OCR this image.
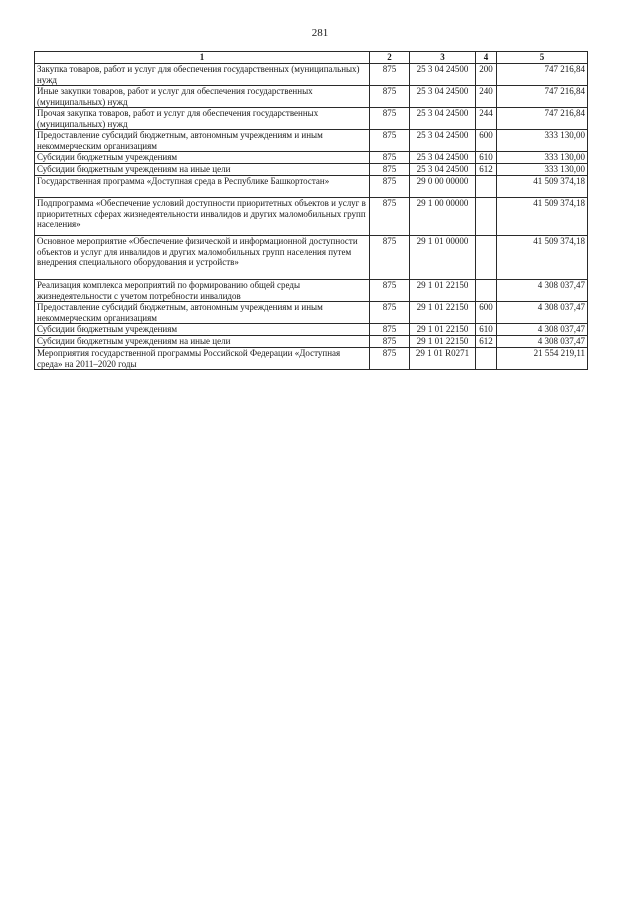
281
1	2	3	4	5
Закупка товаров, работ и услуг для обеспечения государственных (муниципальных) нужд	875	25 3 04 24500	200	747 216,84
Иные закупки товаров, работ и услуг для обеспечения государственных (муниципальных) нужд	875	25 3 04 24500	240	747 216,84
Прочая закупка товаров, работ и услуг для обеспечения государственных (муниципальных) нужд	875	25 3 04 24500	244	747 216,84
Предоставление субсидий бюджетным, автономным учреждениям и иным некоммерческим организациям	875	25 3 04 24500	600	333 130,00
Субсидии бюджетным учреждениям	875	25 3 04 24500	610	333 130,00
Субсидии бюджетным учреждениям на иные цели	875	25 3 04 24500	612	333 130,00
Государственная программа «Доступная среда в Республике Башкортостан»	875	29 0 00 00000		41 509 374,18
Подпрограмма «Обеспечение условий доступности приоритетных объектов и услуг в приоритетных сферах жизнедеятельности инвалидов и других маломобильных групп населения»	875	29 1 00 00000		41 509 374,18
Основное мероприятие «Обеспечение физической и информационной доступности объектов и услуг для инвалидов и других маломобильных групп населения путем внедрения специального оборудования и устройств»	875	29 1 01 00000		41 509 374,18
Реализация комплекса мероприятий по формированию общей среды жизнедеятельности с учетом потребности инвалидов	875	29 1 01 22150		4 308 037,47
Предоставление субсидий бюджетным, автономным учреждениям и иным некоммерческим организациям	875	29 1 01 22150	600	4 308 037,47
Субсидии бюджетным учреждениям	875	29 1 01 22150	610	4 308 037,47
Субсидии бюджетным учреждениям на иные цели	875	29 1 01 22150	612	4 308 037,47
Мероприятия государственной программы Российской Федерации «Доступная среда» на 2011–2020 годы	875	29 1 01 R0271		21 554 219,11
